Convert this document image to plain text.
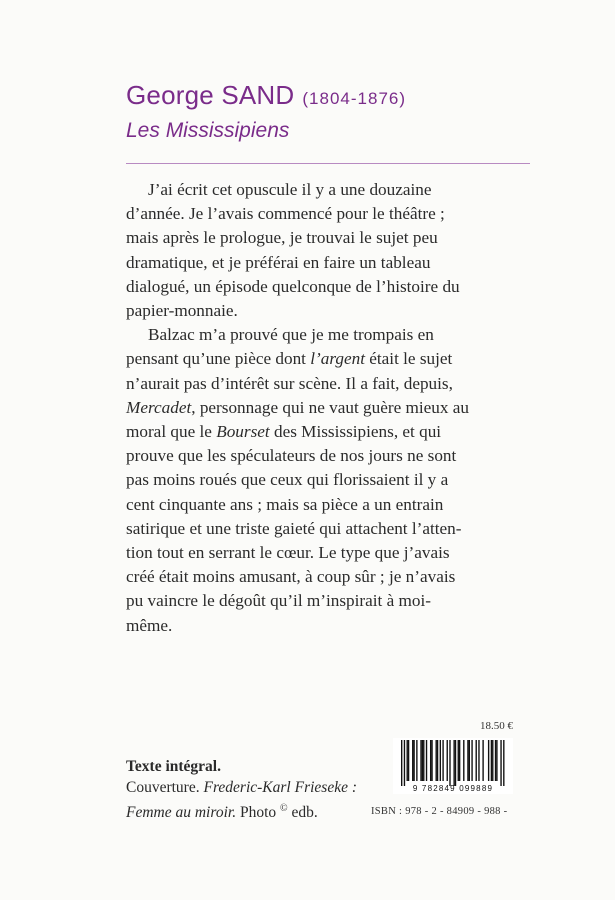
George SAND (1804-1876)
Les Mississipiens

J’ai écrit cet opuscule il y a une douzaine
d’année. Je l’avais commencé pour le théâtre ;
mais après le prologue, je trouvai le sujet peu
dramatique, et je préférai en faire un tableau
dialogué, un épisode quelconque de l’histoire du
papier-monnaie.

Balzac m’a prouvé que je me trompais en
pensant qu’une pièce dont l’argent était le sujet
n’aurait pas d’intérêt sur scène. Il a fait, depuis,
Mercadet, personnage qui ne vaut guère mieux au
moral que le Bourset des Mississipiens, et qui
prouve que les spéculateurs de nos jours ne sont
pas moins roués que ceux qui florissaient il y a
cent cinquante ans ; mais sa pièce a un entrain
satirique et une triste gaieté qui attachent l’atten-
tion tout en serrant le cœur. Le type que j’avais
créé était moins amusant, à coup sûr ; je n’avais
pu vaincre le dégoût qu’il m’inspirait à moi-
même.

18.50 €
9 782849 099889
ISBN : 978 - 2 - 84909 - 988 -
Texte intégral.
Couverture. Frederic-Karl Frieseke :
Femme au miroir. Photo © edb.
